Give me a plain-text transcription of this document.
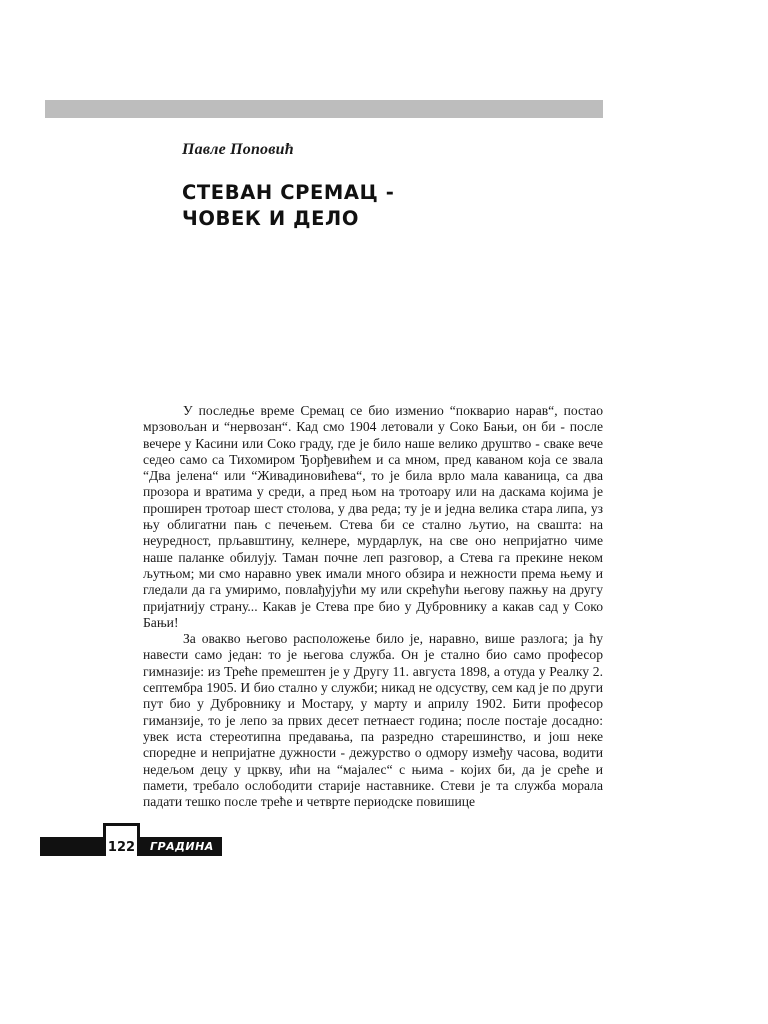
Павле Поповић
СТЕВАН СРЕМАЦ -
ЧОВЕК И ДЕЛО

У последње време Сремац се био изменио “покварио нарав“, постао мрзовољан и “нервозан“. Кад смо 1904 летовали у Соко Бањи, он би - после вечере у Касини или Соко граду, где је било наше велико друштво - сваке вече седео само са Тихомиром Ђорђевићем и са мном, пред каваном која се звала “Два јелена“ или “Живадиновићева“, то је била врло мала каваница, са два прозора и вратима у среди, а пред њом на тротоару или на даскама којима је проширен тротоар шест столова, у два реда; ту је и једна велика стара липа, уз њу облигатни пањ с печењем. Стева би се стално љутио, на свашта: на неуредност, прљавштину, келнере, мурдарлук, на све оно непријатно чиме наше паланке обилују. Таман почне леп разговор, а Стева га прекине неком љутњом; ми смо наравно увек имали много обзира и нежности према њему и гледали да га умиримо, повлађујући му или скрећући његову пажњу на другу пријатнију страну... Какав је Стева пре био у Дубровнику а какав сад у Соко Бањи!

За овакво његово расположење било је, наравно, више разлога; ја ћу навести само један: то је његова служба. Он је стално био само професор гимназије: из Треће премештен је у Другу 11. августа 1898, а отуда у Реалку 2. септембра 1905. И био стално у служби; никад не одсуству, сем кад је по други пут био у Дубровнику и Мостару, у марту и априлу 1902. Бити професор гиманзије, то је лепо за првих десет петнаест година; после постаје досадно: увек иста стереотипна предавања, па разредно старешинство, и још неке споредне и непријатне дужности - дежурство о одмору између часова, водити недељом децу у цркву, ићи на “мајалес“ с њима - којих би, да је среће и памети, требало ослободити старије наставнике. Стеви је та служба морала падати тешко после треће и четврте периодске повишице

122 ГРАДИНА
